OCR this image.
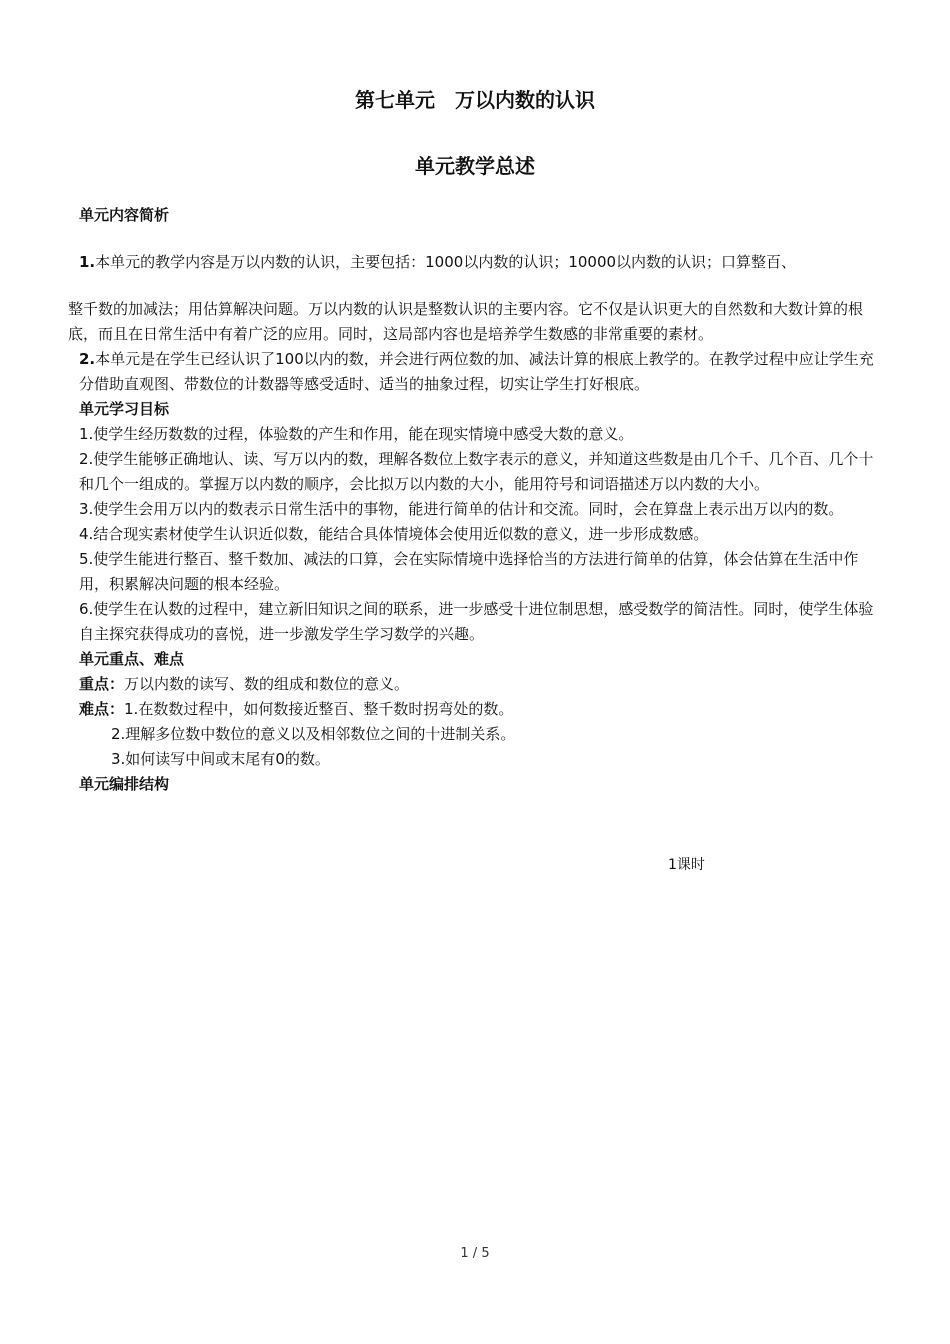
第七单元　万以内数的认识
单元教学总述

单元内容简析

1.本单元的教学内容是万以内数的认识，主要包括：1000以内数的认识；10000以内数的认识；口算整百、

整千数的加减法；用估算解决问题。万以内数的认识是整数认识的主要内容。它不仅是认识更大的自然数和大数计算的根底，而且在日常生活中有着广泛的应用。同时，这局部内容也是培养学生数感的非常重要的素材。

2.本单元是在学生已经认识了100以内的数，并会进行两位数的加、减法计算的根底上教学的。在教学过程中应让学生充分借助直观图、带数位的计数器等感受适时、适当的抽象过程，切实让学生打好根底。

单元学习目标

1.使学生经历数数的过程，体验数的产生和作用，能在现实情境中感受大数的意义。

2.使学生能够正确地认、读、写万以内的数，理解各数位上数字表示的意义，并知道这些数是由几个千、几个百、几个十和几个一组成的。掌握万以内数的顺序，会比拟万以内数的大小，能用符号和词语描述万以内数的大小。

3.使学生会用万以内的数表示日常生活中的事物，能进行简单的估计和交流。同时，会在算盘上表示出万以内的数。

4.结合现实素材使学生认识近似数，能结合具体情境体会使用近似数的意义，进一步形成数感。

5.使学生能进行整百、整千数加、减法的口算，会在实际情境中选择恰当的方法进行简单的估算，体会估算在生活中作用，积累解决问题的根本经验。

6.使学生在认数的过程中，建立新旧知识之间的联系，进一步感受十进位制思想，感受数学的简洁性。同时，使学生体验自主探究获得成功的喜悦，进一步激发学生学习数学的兴趣。

单元重点、难点

重点：万以内数的读写、数的组成和数位的意义。

难点：1.在数数过程中，如何数接近整百、整千数时拐弯处的数。

2.理解多位数中数位的意义以及相邻数位之间的十进制关系。

3.如何读写中间或末尾有0的数。

单元编排结构

1课时
1 / 5
